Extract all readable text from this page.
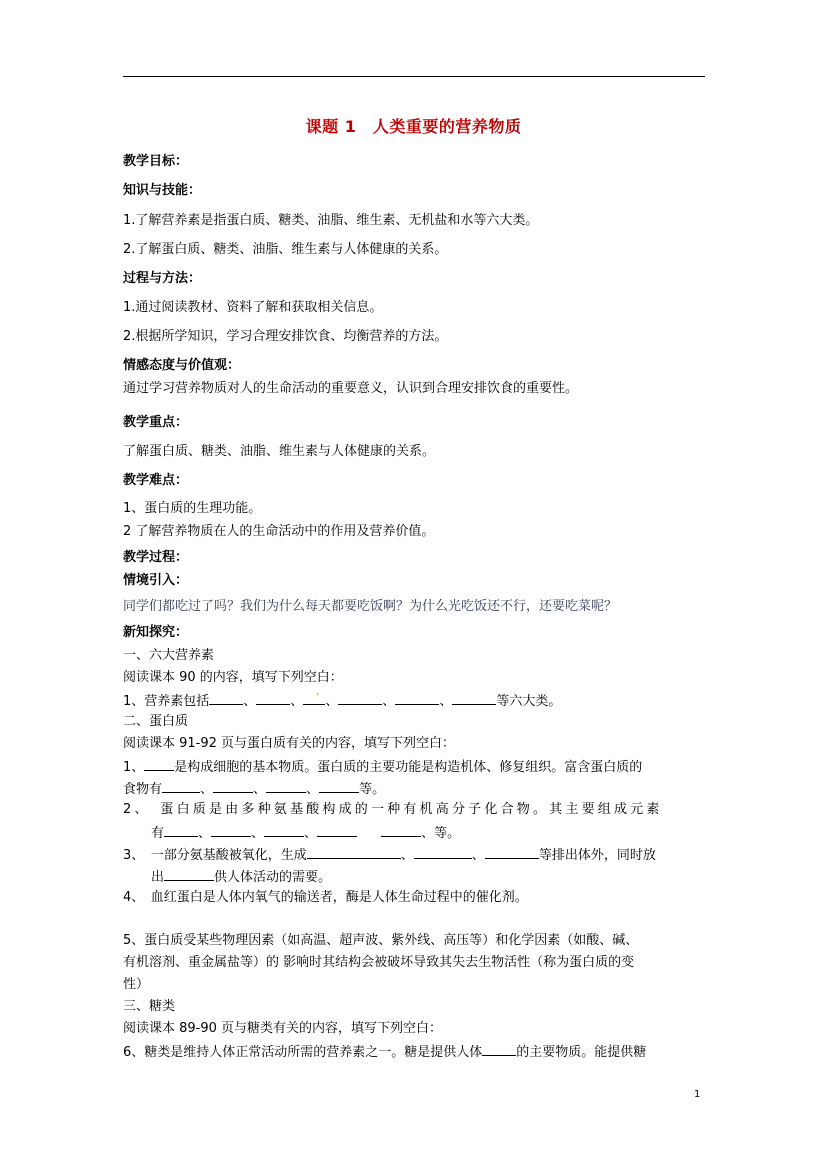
课题 1　人类重要的营养物质
教学目标：
知识与技能：
1.了解营养素是指蛋白质、糖类、油脂、维生素、无机盐和水等六大类。
2.了解蛋白质、糖类、油脂、维生素与人体健康的关系。
过程与方法：
1.通过阅读教材、资料了解和获取相关信息。
2.根据所学知识，学习合理安排饮食、均衡营养的方法。
情感态度与价值观：
通过学习营养物质对人的生命活动的重要意义，认识到合理安排饮食的重要性。
教学重点：
了解蛋白质、糖类、油脂、维生素与人体健康的关系。
教学难点：
1、蛋白质的生理功能。
2 了解营养物质在人的生命活动中的作用及营养价值。
教学过程：
情境引入：
同学们都吃过了吗？我们为什么每天都要吃饭啊？为什么光吃饭还不行，还要吃菜呢？
新知探究：
一、六大营养素
阅读课本 90 的内容，填写下列空白：
1、营养素包括	、	、 · 、	、	、	等六大类。
二、蛋白质
阅读课本 91-92 页与蛋白质有关的内容，填写下列空白：
1、 是构成细胞的基本物质。蛋白质的主要功能是构造机体、修复组织。富含蛋白质的
食物有	、	、	、	等。
2、　蛋白质是由多种氨基酸构成的一种有机高分子化合物。其主要组成元素
有	、	、	、	、等。
3、　一部分氨基酸被氧化，生成	、	、	等排出体外，同时放
出	供人体活动的需要。
4、　血红蛋白是人体内氧气的输送者，酶是人体生命过程中的催化剂。
5、蛋白质受某些物理因素（如高温、超声波、紫外线、高压等）和化学因素（如酸、碱、
有机溶剂、重金属盐等）的 影响时其结构会被破坏导致其失去生物活性（称为蛋白质的变
性）
三、糖类
阅读课本 89-90 页与糖类有关的内容，填写下列空白：
6、糖类是维持人体正常活动所需的营养素之一。糖是提供人体	的主要物质。能提供糖
1
